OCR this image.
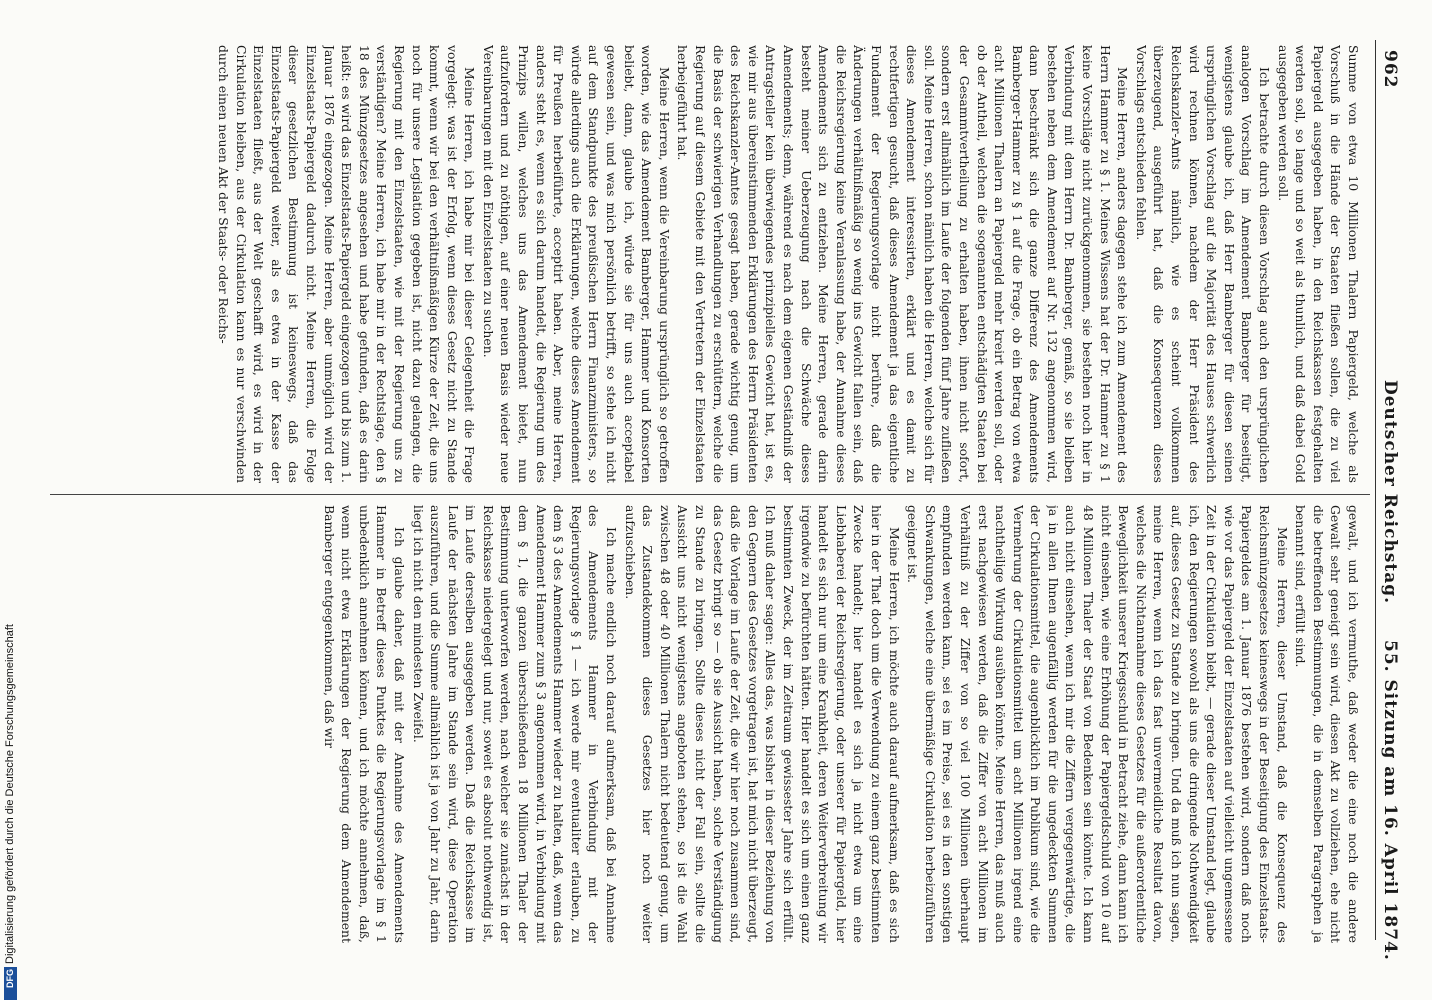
962
Deutscher Reichstag.
55. Sitzung am 16. April 1874.

Summe von etwa 10 Millionen Thalern Papiergeld, welche als Vorschuß in die Hände der Staaten fließen sollen, die zu viel Papiergeld ausgegeben haben, in den Reichskassen festgehalten werden soll, so lange und so weit als thunlich, und daß dabei Gold ausgegeben werden soll.

Ich betrachte durch diesen Vorschlag auch den ursprünglichen analogen Vorschlag im Amendement Bamberger für beseitigt, wenigstens glaube ich, daß Herr Bamberger für diesen seinen ursprünglichen Vorschlag auf die Majorität des Hauses schwerlich wird rechnen können, nachdem der Herr Präsident des Reichskanzler-Amts nämlich, wie es scheint vollkommen überzeugend, ausgeführt hat, daß die Konsequenzen dieses Vorschlags entschieden fehlen.

Meine Herren, anders dagegen stehe ich zum Amendement des Herrn Hammer zu § 1. Meines Wissens hat der Dr. Hammer zu § 1 keine Vorschläge nicht zurückgenommen, sie bestehen noch hier in Verbindung mit dem Herrn Dr. Bamberger, gemäß, so sie bleiben bestehen neben dem Amendement auf Nr. 132 angenommen wird, dann beschränkt sich die ganze Differenz des Amendements Bamberger-Hammer zu § 1 auf die Frage, ob ein Betrag von etwa acht Millionen Thalern an Papiergeld mehr kreirt werden soll, oder ob der Antheil, welchen die sogenannten entschädigten Staaten bei der Gesammtvertheilung zu erhalten haben, ihnen nicht sofort, sondern erst allmählich im Laufe der folgenden fünf Jahre zufließen soll. Meine Herren, schon nämlich haben die Herren, welche sich für dieses Amendement interessirten, erklärt und es damit zu rechtfertigen gesucht, daß dieses Amendement ja das eigentliche Fundament der Regierungsvorlage nicht berühre, daß die Änderungen verhältnißmäßig so wenig ins Gewicht fallen sein, daß die Reichsregierung keine Veranlassung habe, der Annahme dieses Amendements sich zu entziehen. Meine Herren, gerade darin besteht meiner Ueberzeugung nach die Schwäche dieses Amendements; denn, während es nach dem eigenen Geständniß der Antragsteller kein überwiegendes prinzipielles Gewicht hat, ist es, wie mir aus übereinstimmenden Erklärungen des Herrn Präsidenten des Reichskanzler-Amtes gesagt haben, gerade wichtig genug, um die Basis der schwierigen Verhandlungen zu erschüttern, welche die Regierung auf diesem Gebiete mit den Vertretern der Einzelstaaten herbeigeführt hat.

Meine Herren, wenn die Vereinbarung ursprünglich so getroffen worden, wie das Amendement Bamberger, Hammer und Konsorten beliebt, dann, glaube ich, würde sie für uns auch acceptabel gewesen sein, und was mich persönlich betrifft, so stehe ich nicht auf dem Standpunkte des preußischen Herrn Finanzministers, so würde allerdings auch die Erklärungen, welche dieses Amendement für Preußen herbeiführte, acceptirt haben. Aber, meine Herren, anders steht es, wenn es sich darum handelt, die Regierung um des Prinzips willen, welches uns das Amendement bietet, nun aufzufordern und zu nöthigen, auf einer neuen Basis wieder neue Vereinbarungen mit den Einzelstaaten zu suchen.

Meine Herren, ich habe mir bei dieser Gelegenheit die Frage vorgelegt: was ist der Erfolg, wenn dieses Gesetz nicht zu Stande kommt, wenn wir bei den verhältnißmäßigen Kürze der Zeit, die uns noch für unsere Legislation gegeben ist, nicht dazu gelangen, die Regierung mit den Einzelstaaten, wie mit der Regierung uns zu verständigen? Meine Herren, ich habe mir in der Rechtslage, den § 18 des Münzgesetzes angesehen und habe gefunden, daß es darin heißt: es wird das Einzelstaats-Papiergeld eingezogen und bis zum 1. Januar 1876 eingezogen. Meine Herren, aber unmöglich wird der Einzelstaats-Papiergeld dadurch nicht. Meine Herren, die Folge dieser gesetzlichen Bestimmung ist keineswegs, daß das Einzelstaats-Papiergeld weiter, als es etwa in der Kasse der Einzelstaaten fließt, aus der Welt geschafft wird, es wird in der Cirkulation bleiben, aus der Cirkulation kann es nur verschwinden durch einen neuen Akt der Staats- oder Reichs-

gewalt, und ich vermuthe, daß weder die eine noch die andere Gewalt sehr geneigt sein wird, diesen Akt zu vollziehen, ehe nicht die betreffenden Bestimmungen, die in demselben Paragraphen ja benannt sind, erfüllt sind.

Meine Herren, dieser Umstand, daß die Konsequenz des Reichsmünzgesetzes keineswegs in der Beseitigung des Einzelstaats-Papiergeldes am 1. Januar 1876 bestehen wird, sondern daß noch wie vor das Papiergeld der Einzelstaaten auf vielleicht ungemessene Zeit in der Cirkulation bleibt, — gerade dieser Umstand legt, glaube ich, den Regierungen sowohl als uns die dringende Nothwendigkeit auf, dieses Gesetz zu Stande zu bringen. Und da muß ich nun sagen, meine Herren, wenn ich das fast unvermeidliche Resultat davon, welches die Nichtannahme dieses Gesetzes für die außerordentliche Beweglichkeit unserer Kriegsschuld in Betracht ziehe, dann kann ich nicht einsehen, wie eine Erhöhung der Papiergeldschuld von 10 auf 48 Millionen Thaler der Staat von Bedenken sein könnte. Ich kann auch nicht einsehen, wenn ich mir die Ziffern vergegenwärtige, die ja in allen Ihnen augenfällig werden für die ungedeckten Summen der Cirkulationsmittel, die augenblicklich im Publikum sind, wie die Vermehrung der Cirkulationsmittel um acht Millionen irgend eine nachtheilige Wirkung ausüben könnte. Meine Herren, das muß auch erst nachgewiesen werden, daß die Ziffer von acht Millionen im Verhältniß zu der Ziffer von so viel 100 Millionen überhaupt empfunden werden kann, sei es im Preise, sei es in den sonstigen Schwankungen, welche eine übermäßige Cirkulation herbeizuführen geeignet ist.

Meine Herren, ich möchte auch darauf aufmerksam, daß es sich hier in der That doch um die Verwendung zu einem ganz bestimmten Zwecke handelt; hier handelt es sich ja nicht etwa um eine Liebhaberei der Reichsregierung, oder unserer für Papiergeld, hier handelt es sich nur um eine Krankheit, deren Weiterverbreitung wir irgendwie zu befürchten hätten. Hier handelt es sich um einen ganz bestimmten Zweck, der im Zeitraum gewissester Jahre sich erfüllt. Ich muß daher sagen: Alles das, was bisher in dieser Beziehung von den Gegnern des Gesetzes vorgetragen ist, hat mich nicht überzeugt, daß die Vorlage im Laufe der Zeit, die wir hier noch zusammen sind, das Gesetz bringt so — ob sie Aussicht haben, solche Verständigung zu Stande zu bringen. Sollte dieses nicht der Fall sein, sollte die Aussicht uns nicht wenigstens angeboten stehen, so ist die Wahl zwischen 48 oder 40 Millionen Thalern nicht bedeutend genug, um das Zustandekommen dieses Gesetzes hier noch weiter aufzuschieben.

Ich mache endlich noch darauf aufmerksam, daß bei Annahme des Amendements Hammer in Verbindung mit der Regierungsvorlage § 1 — ich werde mir eventualiter erlauben, zu dem § 3 des Amendements Hammer wieder zu halten, daß, wenn das Amendement Hammer zum § 3 angenommen wird, in Verbindung mit dem § 1, die ganzen überschießenden 18 Millionen Thaler der Bestimmung unterworfen werden, nach welcher sie zunächst in der Reichskasse niedergelegt und nur, soweit es absolut nothwendig ist, im Laufe derselben ausgegeben werden. Daß die Reichskasse im Laufe der nächsten Jahre im Stande sein wird, diese Operation auszuführen, und die Summe allmählich ist ja von Jahr zu Jahr, darin liegt ich nicht den mindesten Zweifel.

Ich glaube daher, daß mit der Annahme des Amendements Hammer in Betreff dieses Punktes die Regierungsvorlage im § 1 unbedenklich annehmen können, und ich möchte annehmen, daß, wenn nicht etwa Erklärungen der Regierung dem Amendement Bamberger entgegenkommen, daß wir

DFGDigitalisierung gefördert durch die Deutsche Forschungsgemeinschaft
